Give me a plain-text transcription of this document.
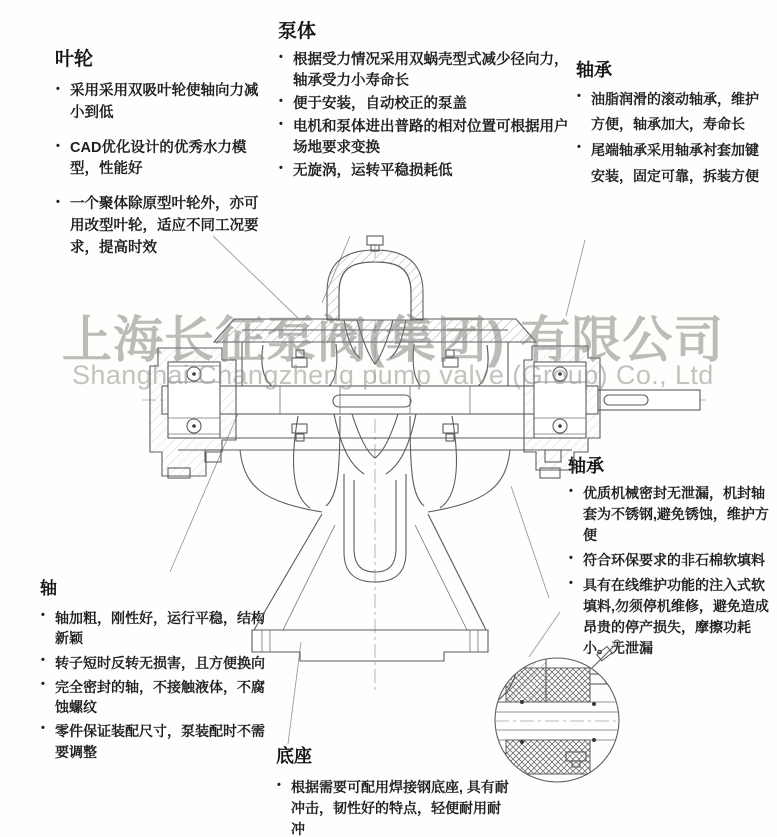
上海长征泵阀(集团) 有限公司
Shanghai Changzheng pump valve (Group) Co., Ltd
叶轮
• 采用采用双吸叶轮使轴向力减小到低
• CAD优化设计的优秀水力模型，性能好
• 一个聚体除原型叶轮外，亦可用改型叶轮，适应不同工况要求，提高时效
泵体
• 根据受力情况采用双蜗壳型式减少径向力，轴承受力小寿命长
• 便于安装，自动校正的泵盖
• 电机和泵体进出普路的相对位置可根据用户场地要求变换
• 无旋涡，运转平稳损耗低
轴承
• 油脂润滑的滚动轴承，维护方便，轴承加大，寿命长
• 尾端轴承采用轴承衬套加键安装，固定可靠，拆装方便
轴承
• 优质机械密封无泄漏，机封轴套为不锈钢,避免锈蚀，维护方便
• 符合环保要求的非石棉软填料
• 具有在线维护功能的注入式软填料,勿须停机维修，避免造成昂贵的停产损失，摩擦功耗小。无泄漏
轴
• 轴加粗，刚性好，运行平稳，结构新颖
• 转子短时反转无损害，且方便换向
• 完全密封的轴，不接触液体，不腐蚀螺纹
• 零件保证装配尺寸，泵装配时不需要调整	底座
• 根据需要可配用焊接钢底座, 具有耐冲击，韧性好的特点，轻便耐用耐冲
